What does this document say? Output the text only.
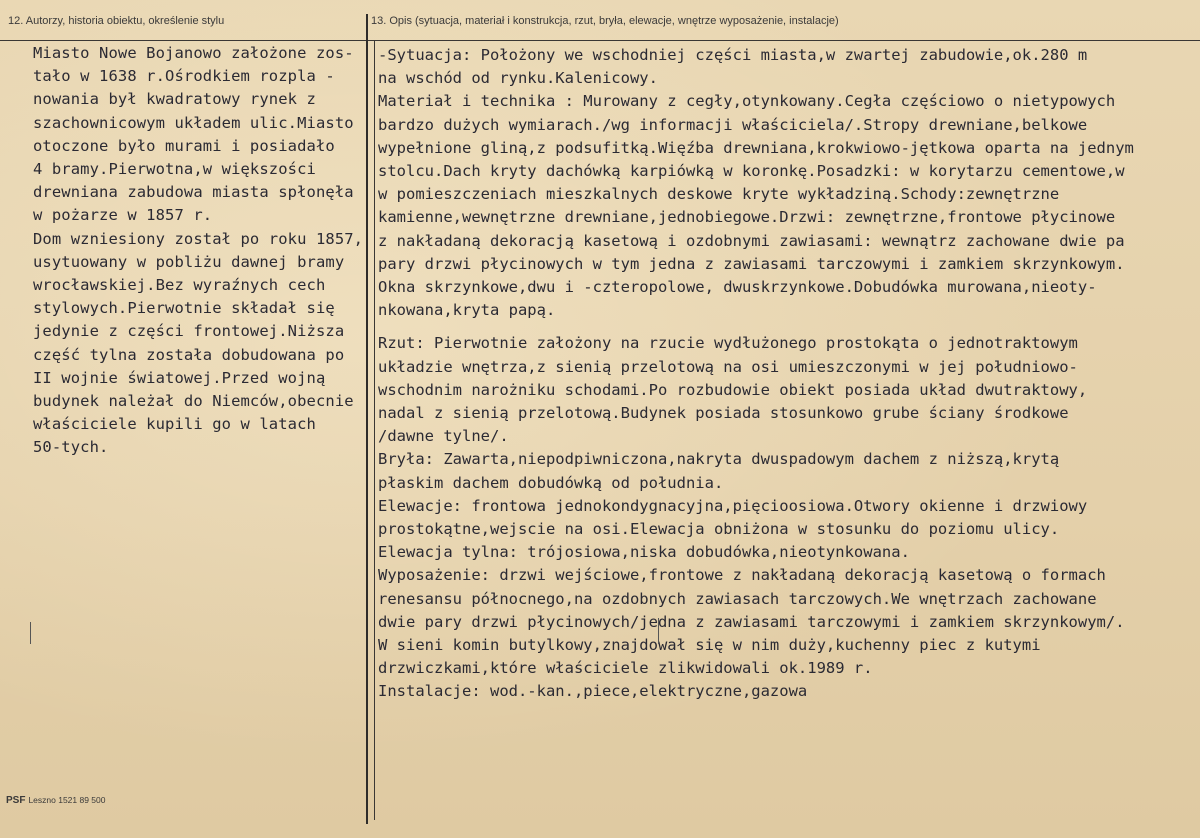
12. Autorzy, historia obiektu, określenie stylu	13. Opis (sytuacja, materiał i konstrukcja, rzut, bryła, elewacje, wnętrze wyposażenie, instalacje)
Miasto Nowe Bojanowo założone zos-
tało w 1638 r.Ośrodkiem rozpla -
nowania był kwadratowy rynek z
szachownicowym układem ulic.Miasto
otoczone było murami i posiadało
4 bramy.Pierwotna,w większości
drewniana zabudowa miasta spłonęła
w pożarze w 1857 r.
Dom wzniesiony został po roku 1857,
usytuowany w pobliżu dawnej bramy
wrocławskiej.Bez wyraźnych cech
stylowych.Pierwotnie składał się
jedynie z części frontowej.Niższa
część tylna została dobudowana po
II wojnie światowej.Przed wojną
budynek należał do Niemców,obecnie
właściciele kupili go w latach
50-tych.
-Sytuacja: Położony we wschodniej części miasta,w zwartej zabudowie,ok.280 m
na wschód od rynku.Kalenicowy.
Materiał i technika : Murowany z cegły,otynkowany.Cegła częściowo o nietypowych
bardzo dużych wymiarach./wg informacji właściciela/.Stropy drewniane,belkowe
wypełnione gliną,z podsufitką.Więźba drewniana,krokwiowo-jętkowa oparta na jednym
stolcu.Dach kryty dachówką karpiówką w koronkę.Posadzki: w korytarzu cementowe,w
w pomieszczeniach mieszkalnych deskowe kryte wykładziną.Schody:zewnętrzne
kamienne,wewnętrzne drewniane,jednobiegowe.Drzwi: zewnętrzne,frontowe płycinowe
z nakładaną dekoracją kasetową i ozdobnymi zawiasami: wewnątrz zachowane dwie pa
pary drzwi płycinowych w tym jedna z zawiasami tarczowymi i zamkiem skrzynkowym.
Okna skrzynkowe,dwu i -czteropolowe, dwuskrzynkowe.Dobudówka murowana,nieoty-
nkowana,kryta papą.
Rzut: Pierwotnie założony na rzucie wydłużonego prostokąta o jednotraktowym
układzie wnętrza,z sienią przelotową na osi umieszczonymi w jej południowo-
wschodnim narożniku schodami.Po rozbudowie obiekt posiada układ dwutraktowy,
nadal z sienią przelotową.Budynek posiada stosunkowo grube ściany środkowe
/dawne tylne/.
Bryła: Zawarta,niepodpiwniczona,nakryta dwuspadowym dachem z niższą,krytą
płaskim dachem dobudówką od południa.
Elewacje: frontowa jednokondygnacyjna,pięcioosiowa.Otwory okienne i drzwiowy
prostokątne,wejscie na osi.Elewacja obniżona w stosunku do poziomu ulicy.
Elewacja tylna: trójosiowa,niska dobudówka,nieotynkowana.
Wyposażenie: drzwi wejściowe,frontowe z nakładaną dekoracją kasetową o formach
renesansu północnego,na ozdobnych zawiasach tarczowych.We wnętrzach zachowane
dwie pary drzwi płycinowych/jedna z zawiasami tarczowymi i zamkiem skrzynkowym/.
W sieni komin butylkowy,znajdował się w nim duży,kuchenny piec z kutymi
drzwiczkami,które właściciele zlikwidowali ok.1989 r.
Instalacje: wod.-kan.,piece,elektryczne,gazowa
PSF Leszno 1521 89 500
